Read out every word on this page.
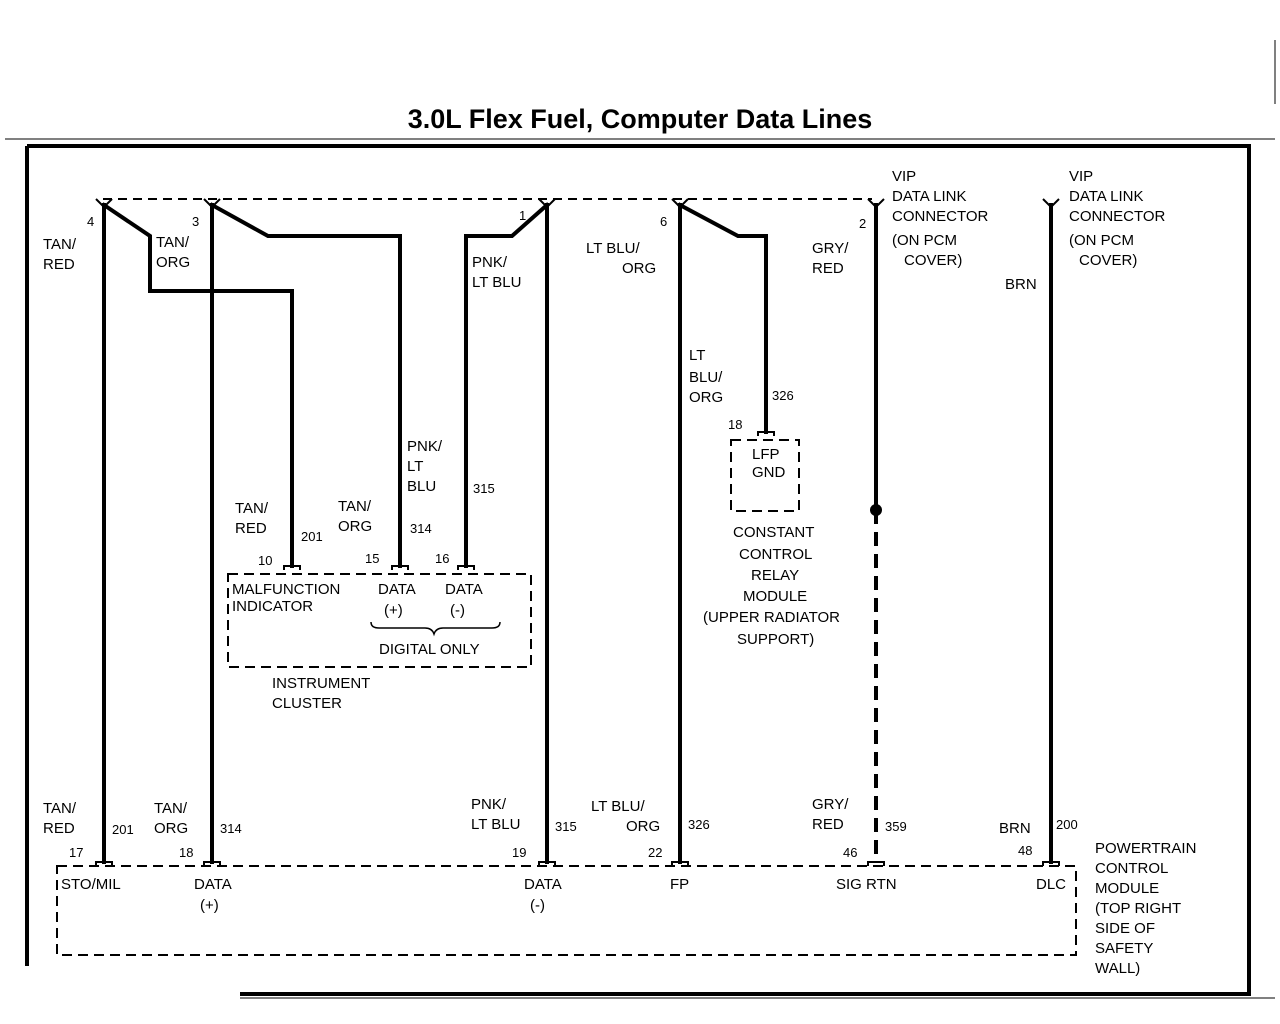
3.0L Flex Fuel, Computer Data Lines
4	3	1	6	2
VIP
DATA LINK
CONNECTOR
(ON PCM
COVER)
VIP
DATA LINK
CONNECTOR
(ON PCM
COVER)
TAN/
RED
TAN/
ORG	PNK/
LT BLU
LT BLU/
ORG
GRY/
RED
BRN
LT
BLU/
ORG	326
PNK/
LT
BLU	315
TAN/
RED	201
TAN/
ORG	314
10	15	16
MALFUNCTION
INDICATOR
DATA
(+)
DATA
(-)
DIGITAL ONLY
INSTRUMENT
CLUSTER
18
LFP
GND
CONSTANT
CONTROL
RELAY
MODULE
(UPPER RADIATOR
SUPPORT)
TAN/
RED	201
TAN/
ORG 314
PNK/
LT BLU	315
LT BLU/
ORG 326
GRY/
RED	359	BRN 200
17	18	19	22	46	48
STO/MIL	DATA
(+)
DATA
(-)
FP	SIG RTN	DLC
POWERTRAIN
CONTROL
MODULE
(TOP RIGHT
SIDE OF
SAFETY
WALL)
